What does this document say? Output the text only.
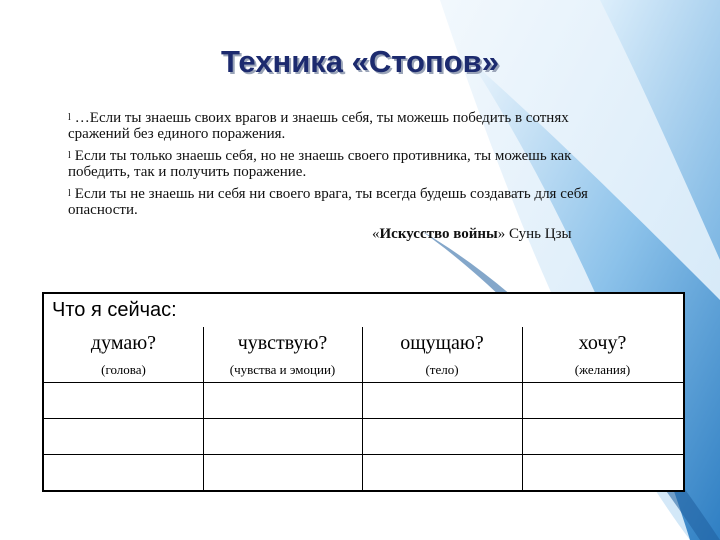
Техника «Стопов»
l …Если ты знаешь своих врагов и знаешь себя, ты можешь победить в сотнях сражений без единого поражения.
l Если ты только знаешь себя, но не знаешь своего противника, ты можешь как победить, так и получить поражение.
l Если ты не знаешь ни себя ни своего врага, ты всегда будешь создавать для себя опасности.
«Искусство войны» Сунь Цзы
Что я сейчас:
думаю?	чувствую?	ощущаю?	хочу?
(голова)	(чувства и эмоции)	(тело)	(желания)
